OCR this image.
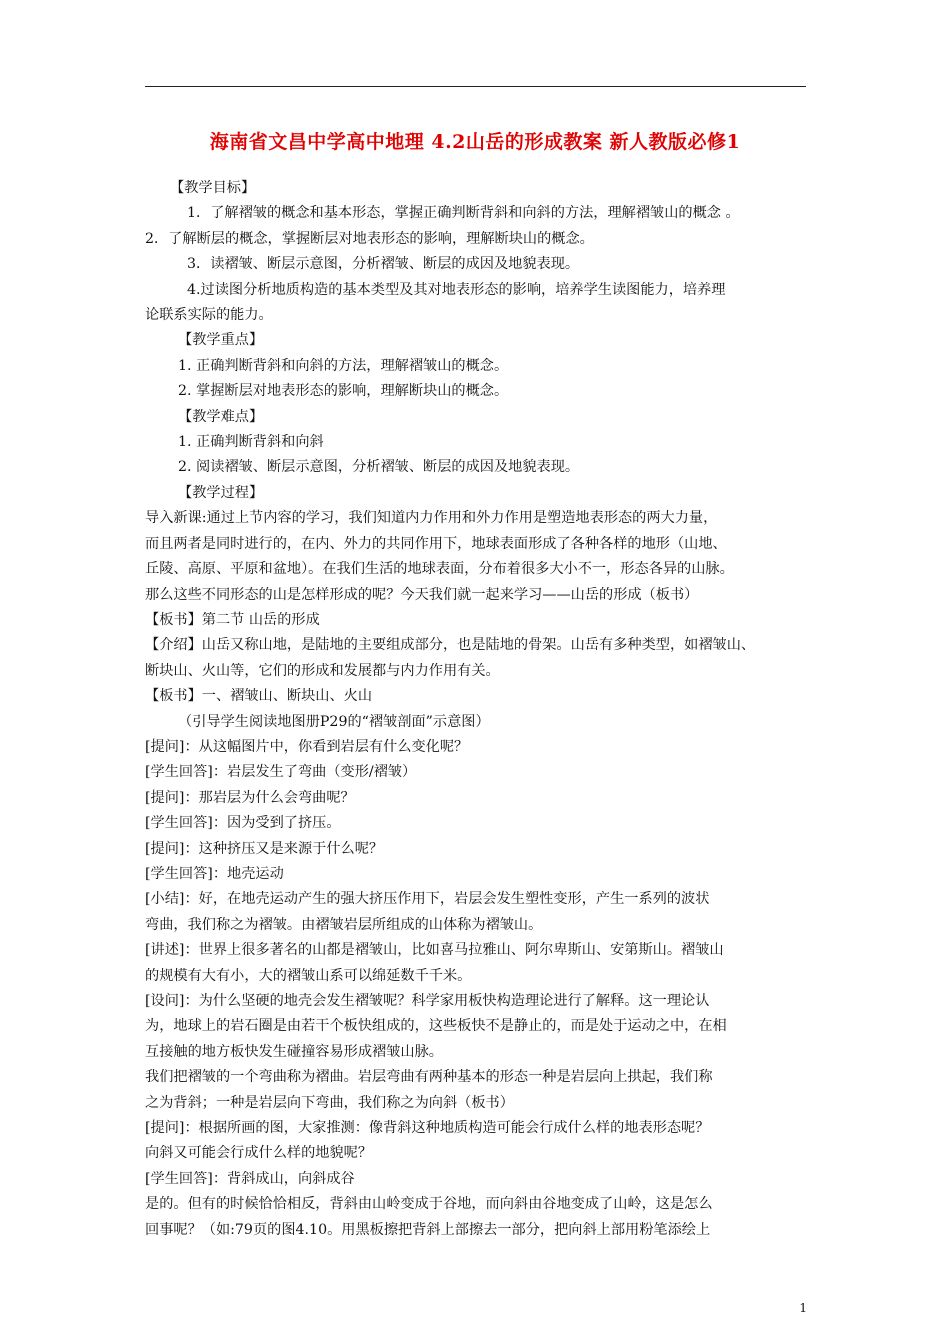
海南省文昌中学高中地理 4.2山岳的形成教案 新人教版必修1

【教学目标】

1．了解褶皱的概念和基本形态，掌握正确判断背斜和向斜的方法，理解褶皱山的概念 。

2．了解断层的概念，掌握断层对地表形态的影响，理解断块山的概念。

3．读褶皱、断层示意图，分析褶皱、断层的成因及地貌表现。

4.过读图分析地质构造的基本类型及其对地表形态的影响，培养学生读图能力，培养理

论联系实际的能力。

【教学重点】

1. 正确判断背斜和向斜的方法，理解褶皱山的概念。

2. 掌握断层对地表形态的影响，理解断块山的概念。

【教学难点】

1. 正确判断背斜和向斜

2. 阅读褶皱、断层示意图，分析褶皱、断层的成因及地貌表现。

【教学过程】

导入新课:通过上节内容的学习，我们知道内力作用和外力作用是塑造地表形态的两大力量，

而且两者是同时进行的，在内、外力的共同作用下，地球表面形成了各种各样的地形（山地、

丘陵、高原、平原和盆地）。在我们生活的地球表面，分布着很多大小不一，形态各异的山脉。

那么这些不同形态的山是怎样形成的呢？今天我们就一起来学习——山岳的形成（板书）

【板书】第二节 山岳的形成

【介绍】山岳又称山地，是陆地的主要组成部分，也是陆地的骨架。山岳有多种类型，如褶皱山、

断块山、火山等，它们的形成和发展都与内力作用有关。

【板书】一、褶皱山、断块山、火山

（引导学生阅读地图册P29的“褶皱剖面”示意图）

[提问]：从这幅图片中，你看到岩层有什么变化呢？

[学生回答]：岩层发生了弯曲（变形/褶皱）

[提问]：那岩层为什么会弯曲呢？

[学生回答]：因为受到了挤压。

[提问]：这种挤压又是来源于什么呢？

[学生回答]：地壳运动

[小结]：好，在地壳运动产生的强大挤压作用下，岩层会发生塑性变形，产生一系列的波状

弯曲，我们称之为褶皱。由褶皱岩层所组成的山体称为褶皱山。

[讲述]：世界上很多著名的山都是褶皱山，比如喜马拉雅山、阿尔卑斯山、安第斯山。褶皱山

的规模有大有小，大的褶皱山系可以绵延数千千米。

[设问]：为什么坚硬的地壳会发生褶皱呢？科学家用板快构造理论进行了解释。这一理论认

为，地球上的岩石圈是由若干个板快组成的，这些板快不是静止的，而是处于运动之中，在相

互接触的地方板快发生碰撞容易形成褶皱山脉。

我们把褶皱的一个弯曲称为褶曲。岩层弯曲有两种基本的形态一种是岩层向上拱起，我们称

之为背斜；一种是岩层向下弯曲，我们称之为向斜（板书）

[提问]：根据所画的图，大家推测：像背斜这种地质构造可能会行成什么样的地表形态呢？

向斜又可能会行成什么样的地貌呢？

[学生回答]：背斜成山，向斜成谷

是的。但有的时候恰恰相反，背斜由山岭变成于谷地，而向斜由谷地变成了山岭，这是怎么

回事呢？（如:79页的图4.10。用黑板擦把背斜上部擦去一部分，把向斜上部用粉笔添绘上

1
